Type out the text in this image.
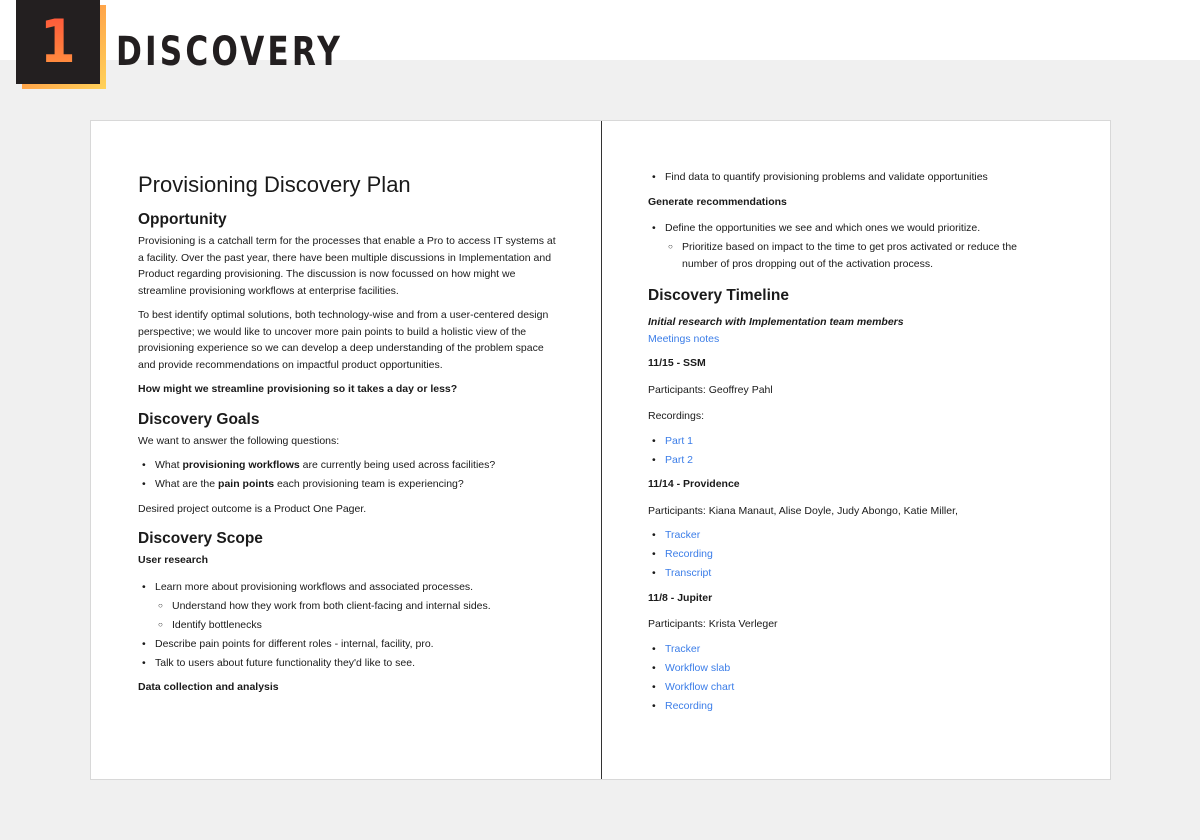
1 DISCOVERY
Provisioning Discovery Plan
Opportunity

Provisioning is a catchall term for the processes that enable a Pro to access IT systems at a facility. Over the past year, there have been multiple discussions in Implementation and Product regarding provisioning. The discussion is now focussed on how might we streamline provisioning workflows at enterprise facilities.

To best identify optimal solutions, both technology-wise and from a user-centered design perspective; we would like to uncover more pain points to build a holistic view of the provisioning experience so we can develop a deep understanding of the problem space and provide recommendations on impactful product opportunities.

How might we streamline provisioning so it takes a day or less?

Discovery Goals

We want to answer the following questions:

• What provisioning workflows are currently being used across facilities?
• What are the pain points each provisioning team is experiencing?

Desired project outcome is a Product One Pager.

Discovery Scope

User research

• Learn more about provisioning workflows and associated processes.
○ Understand how they work from both client-facing and internal sides.
○ Identify bottlenecks
• Describe pain points for different roles - internal, facility, pro.
• Talk to users about future functionality they'd like to see.

Data collection and analysis

• Find data to quantify provisioning problems and validate opportunities

Generate recommendations

• Define the opportunities we see and which ones we would prioritize.
○ Prioritize based on impact to the time to get pros activated or reduce the number of pros dropping out of the activation process.
Discovery Timeline
Initial research with Implementation team members

Meetings notes

11/15 - SSM

Participants: Geoffrey Pahl

Recordings:

• Part 1
• Part 2

11/14 - Providence

Participants: Kiana Manaut, Alise Doyle, Judy Abongo, Katie Miller,

• Tracker
• Recording
• Transcript

11/8 - Jupiter

Participants: Krista Verleger

• Tracker
• Workflow slab
• Workflow chart
• Recording
